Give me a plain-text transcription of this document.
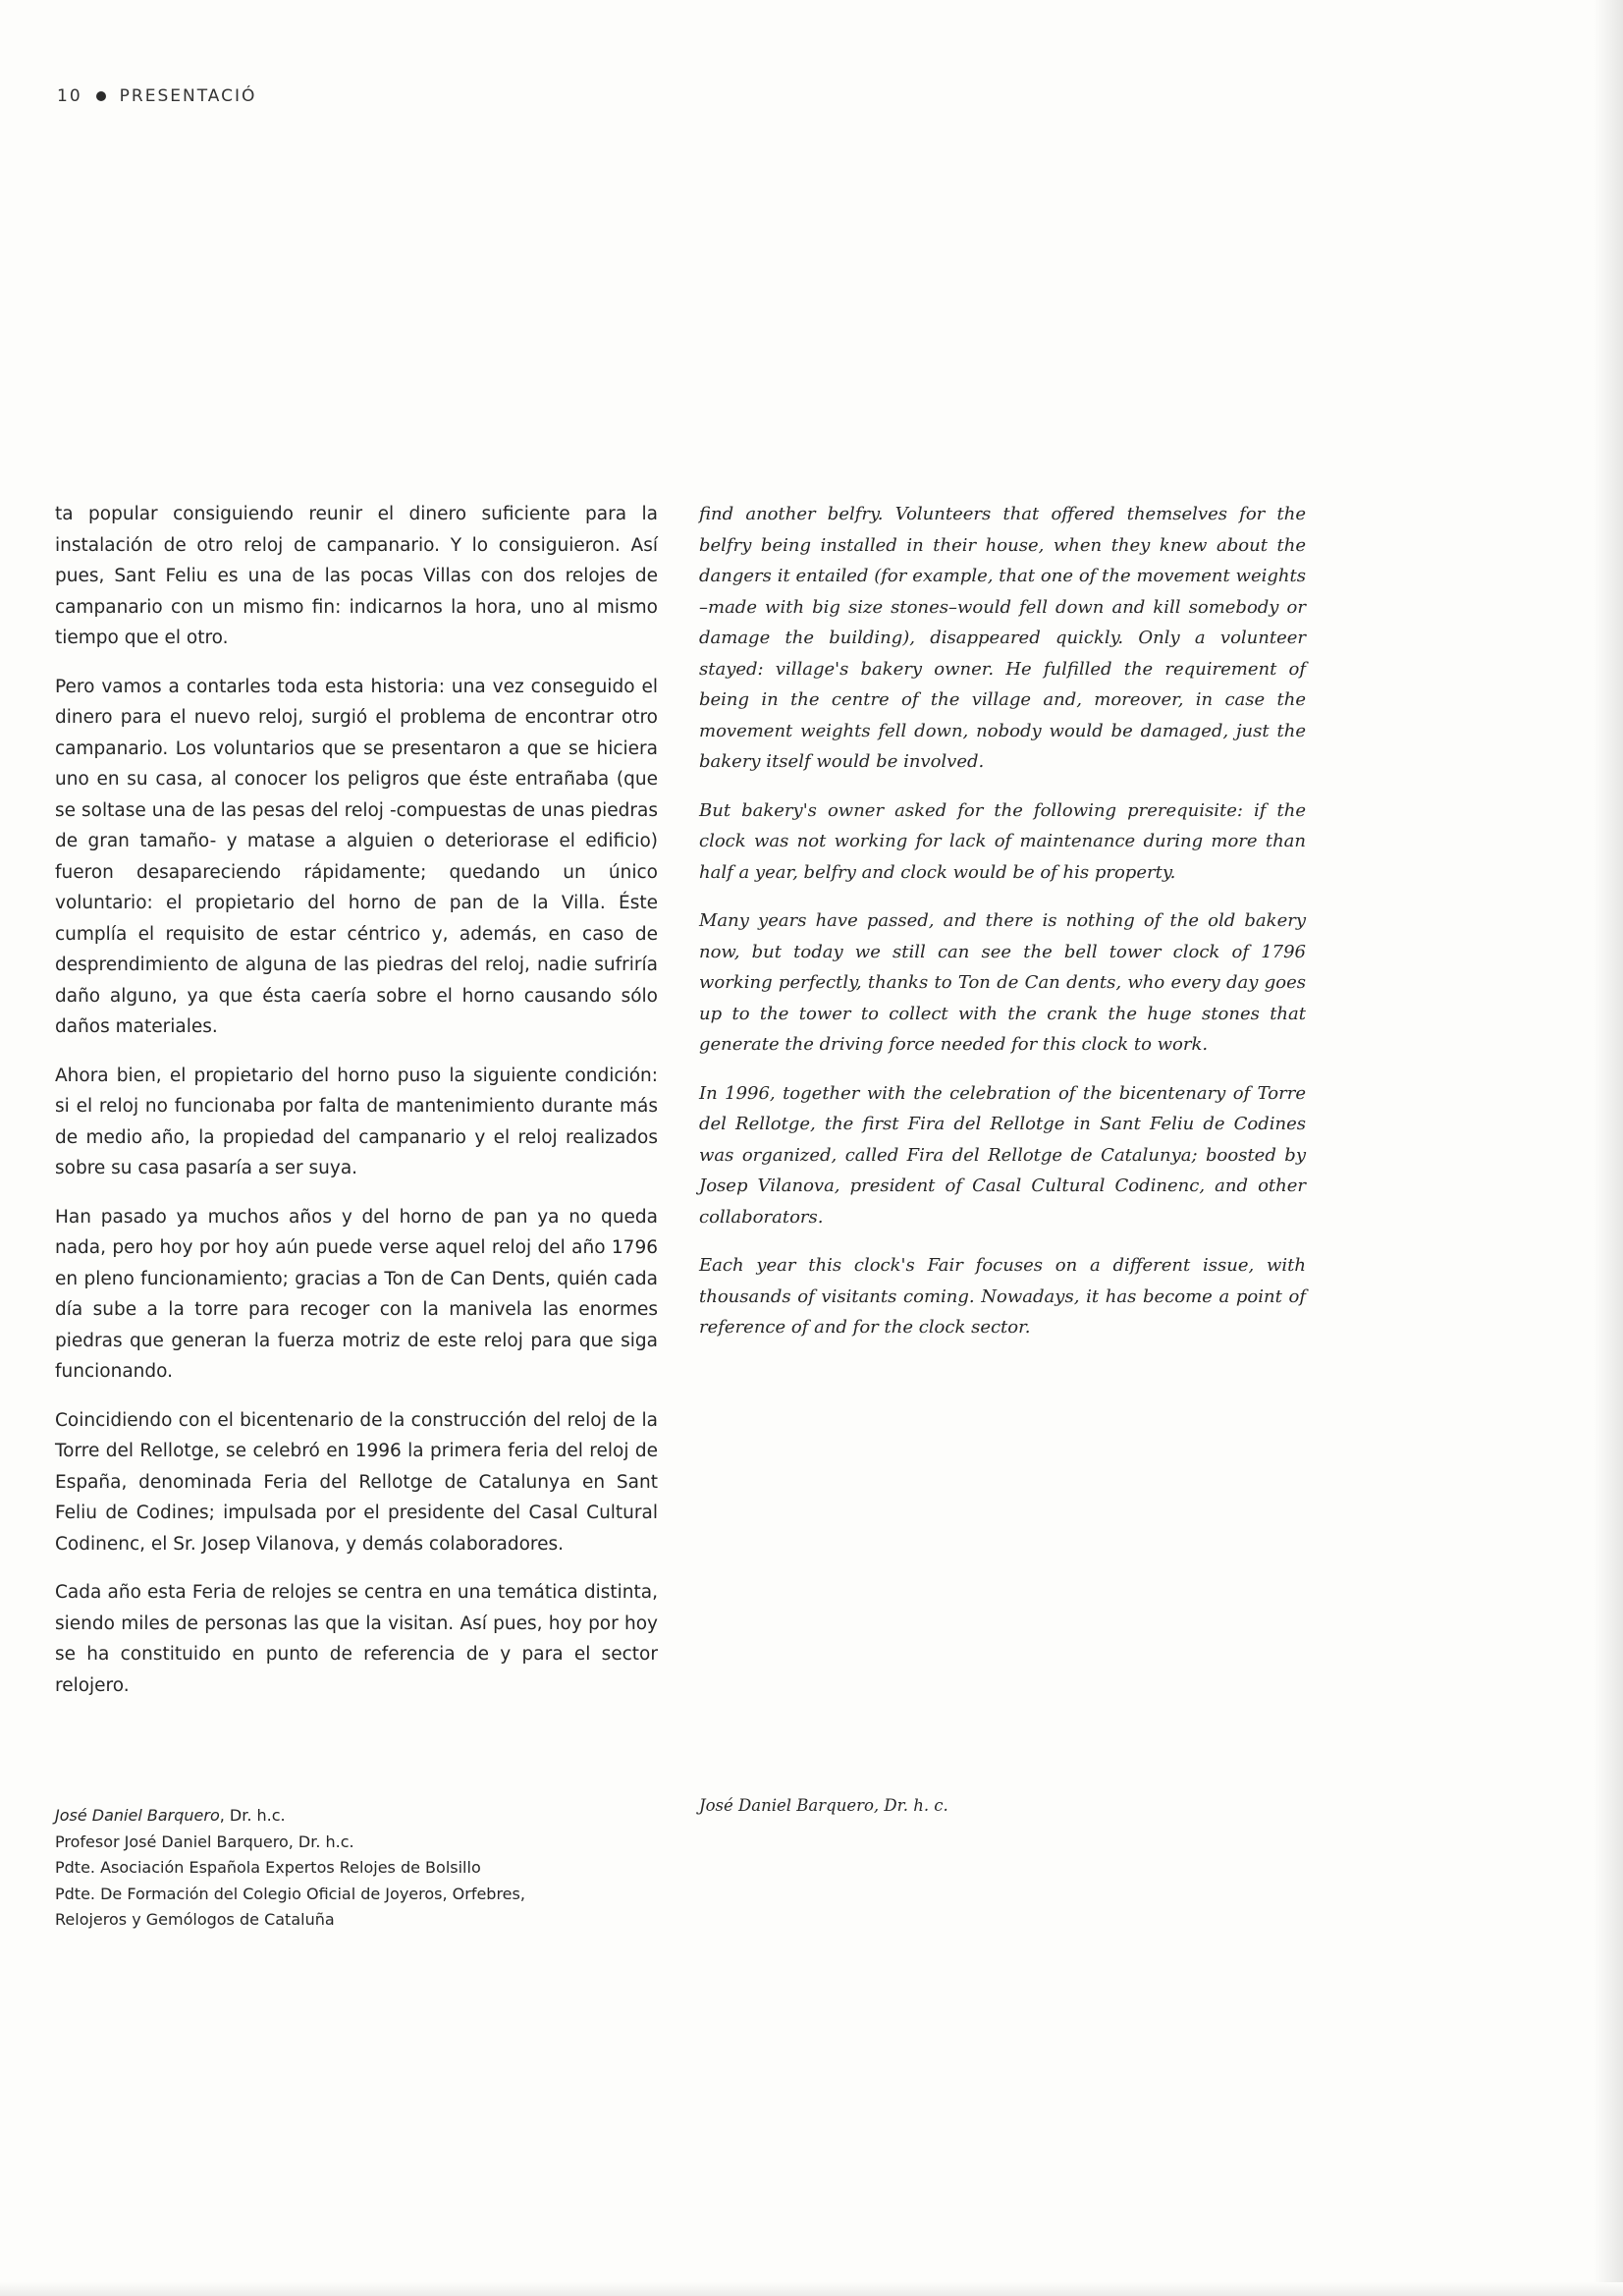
10 PRESENTACIÓ

ta popular consiguiendo reunir el dinero suficiente para la instalación de otro reloj de campanario. Y lo consiguieron. Así pues, Sant Feliu es una de las pocas Villas con dos relojes de campanario con un mismo fin: indicarnos la hora, uno al mismo tiempo que el otro.

Pero vamos a contarles toda esta historia: una vez conseguido el dinero para el nuevo reloj, surgió el problema de encontrar otro campanario. Los voluntarios que se presentaron a que se hiciera uno en su casa, al conocer los peligros que éste entrañaba (que se soltase una de las pesas del reloj -compuestas de unas piedras de gran tamaño- y matase a alguien o deteriorase el edificio) fueron desapareciendo rápidamente; quedando un único voluntario: el propietario del horno de pan de la Villa. Éste cumplía el requisito de estar céntrico y, además, en caso de desprendimiento de alguna de las piedras del reloj, nadie sufriría daño alguno, ya que ésta caería sobre el horno causando sólo daños materiales.

Ahora bien, el propietario del horno puso la siguiente condición: si el reloj no funcionaba por falta de mantenimiento durante más de medio año, la propiedad del campanario y el reloj realizados sobre su casa pasaría a ser suya.

Han pasado ya muchos años y del horno de pan ya no queda nada, pero hoy por hoy aún puede verse aquel reloj del año 1796 en pleno funcionamiento; gracias a Ton de Can Dents, quién cada día sube a la torre para recoger con la manivela las enormes piedras que generan la fuerza motriz de este reloj para que siga funcionando.

Coincidiendo con el bicentenario de la construcción del reloj de la Torre del Rellotge, se celebró en 1996 la primera feria del reloj de España, denominada Feria del Rellotge de Catalunya en Sant Feliu de Codines; impulsada por el presidente del Casal Cultural Codinenc, el Sr. Josep Vilanova, y demás colaboradores.

Cada año esta Feria de relojes se centra en una temática distinta, siendo miles de personas las que la visitan. Así pues, hoy por hoy se ha constituido en punto de referencia de y para el sector relojero.

find another belfry. Volunteers that offered themselves for the belfry being installed in their house, when they knew about the dangers it entailed (for example, that one of the movement weights –made with big size stones–would fell down and kill somebody or damage the building), disappeared quickly. Only a volunteer stayed: village's bakery owner. He fulfilled the requirement of being in the centre of the village and, moreover, in case the movement weights fell down, nobody would be damaged, just the bakery itself would be involved.

But bakery's owner asked for the following prerequisite: if the clock was not working for lack of maintenance during more than half a year, belfry and clock would be of his property.

Many years have passed, and there is nothing of the old bakery now, but today we still can see the bell tower clock of 1796 working perfectly, thanks to Ton de Can dents, who every day goes up to the tower to collect with the crank the huge stones that generate the driving force needed for this clock to work.

In 1996, together with the celebration of the bicentenary of Torre del Rellotge, the first Fira del Rellotge in Sant Feliu de Codines was organized, called Fira del Rellotge de Catalunya; boosted by Josep Vilanova, president of Casal Cultural Codinenc, and other collaborators.

Each year this clock's Fair focuses on a different issue, with thousands of visitants coming. Nowadays, it has become a point of reference of and for the clock sector.

José Daniel Barquero, Dr. h.c.
Profesor José Daniel Barquero, Dr. h.c.
Pdte. Asociación Española Expertos Relojes de Bolsillo
Pdte. De Formación del Colegio Oficial de Joyeros, Orfebres,
Relojeros y Gemólogos de Cataluña
José Daniel Barquero, Dr. h. c.
